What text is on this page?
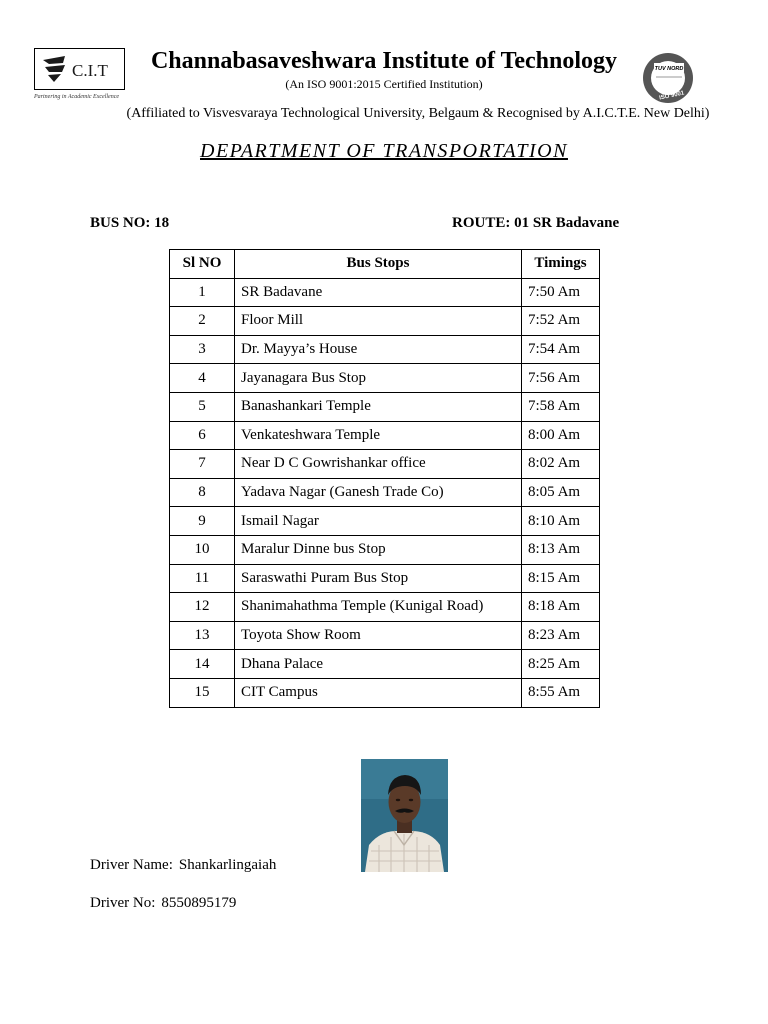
C.I.T
Partnering in Academic Excellence
Channabasaveshwara Institute of Technology
(An ISO 9001:2015 Certified Institution)
(Affiliated to Visvesvaraya Technological University, Belgaum & Recognised by A.I.C.T.E. New Delhi)
TUV NORD
ISO 9001
DEPARTMENT OF TRANSPORTATION
BUS NO: 18	ROUTE: 01 SR Badavane
Sl NO	Bus Stops	Timings
1	SR Badavane	7:50 Am
2	Floor Mill	7:52 Am
3	Dr. Mayya’s House	7:54 Am
4	Jayanagara Bus Stop	7:56 Am
5	Banashankari Temple	7:58 Am
6	Venkateshwara Temple	8:00 Am
7	Near D C Gowrishankar office	8:02 Am
8	Yadava Nagar (Ganesh Trade Co)	8:05 Am
9	Ismail Nagar	8:10 Am
10	Maralur Dinne bus Stop	8:13 Am
11	Saraswathi Puram Bus Stop	8:15 Am
12	Shanimahathma Temple (Kunigal Road)	8:18 Am
13	Toyota Show Room	8:23 Am
14	Dhana Palace	8:25 Am
15	CIT Campus	8:55 Am
Driver Name: Shankarlingaiah
Driver No: 8550895179
